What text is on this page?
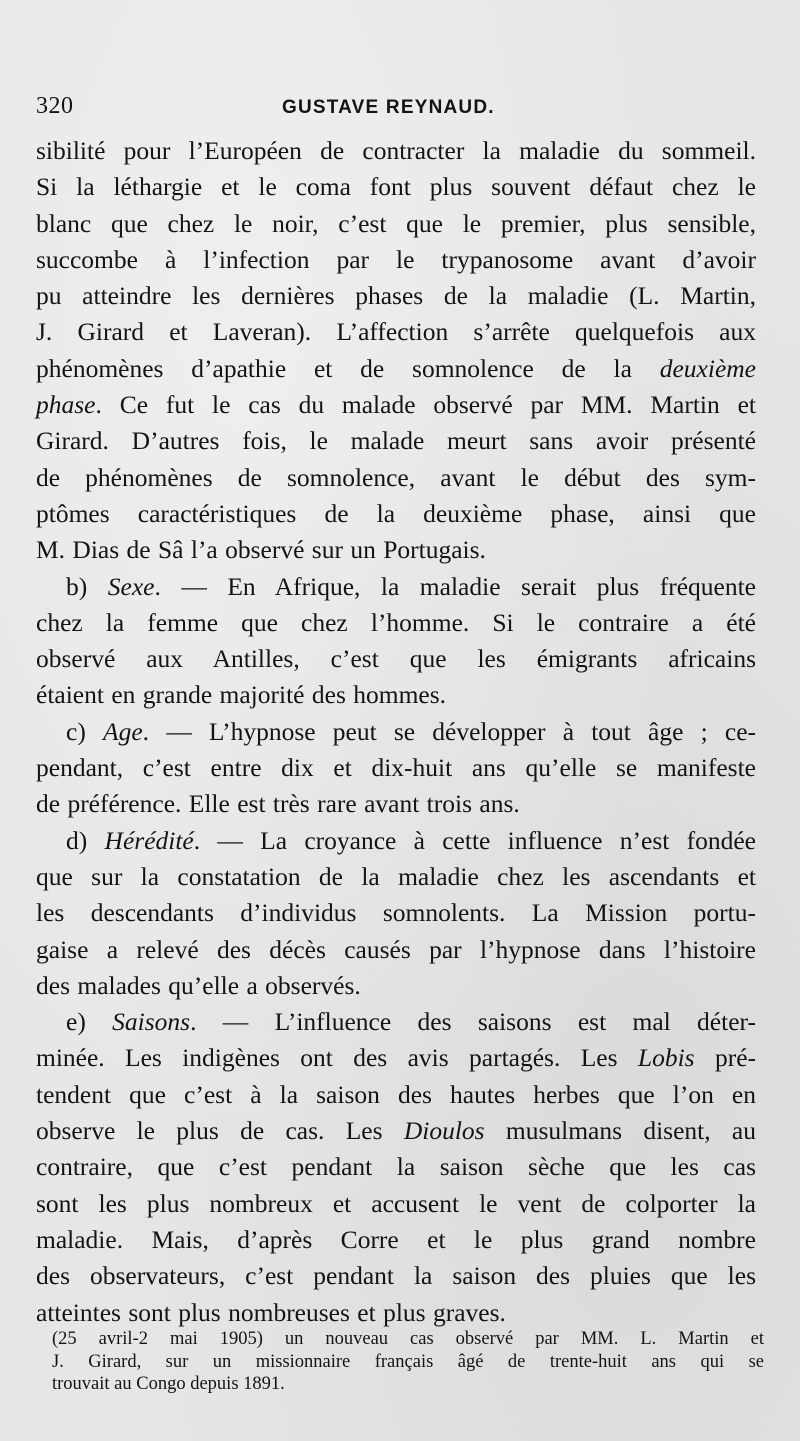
320	GUSTAVE REYNAUD.
sibilité pour l’Européen de contracter la maladie du sommeil.
Si la léthargie et le coma font plus souvent défaut chez le
blanc que chez le noir, c’est que le premier, plus sensible,
succombe à l’infection par le trypanosome avant d’avoir
pu atteindre les dernières phases de la maladie (L. Martin,
J. Girard et Laveran). L’affection s’arrête quelquefois aux
phénomènes d’apathie et de somnolence de la deuxième
phase. Ce fut le cas du malade observé par MM. Martin et
Girard. D’autres fois, le malade meurt sans avoir présenté
de phénomènes de somnolence, avant le début des sym-
ptômes caractéristiques de la deuxième phase, ainsi que
M. Dias de Sâ l’a observé sur un Portugais.
b) Sexe. — En Afrique, la maladie serait plus fréquente
chez la femme que chez l’homme. Si le contraire a été
observé aux Antilles, c’est que les émigrants africains
étaient en grande majorité des hommes.
c) Age. — L’hypnose peut se développer à tout âge ; ce-
pendant, c’est entre dix et dix-huit ans qu’elle se manifeste
de préférence. Elle est très rare avant trois ans.
d) Hérédité. — La croyance à cette influence n’est fondée
que sur la constatation de la maladie chez les ascendants et
les descendants d’individus somnolents. La Mission portu-
gaise a relevé des décès causés par l’hypnose dans l’histoire
des malades qu’elle a observés.
e) Saisons. — L’influence des saisons est mal déter-
minée. Les indigènes ont des avis partagés. Les Lobis pré-
tendent que c’est à la saison des hautes herbes que l’on en
observe le plus de cas. Les Dioulos musulmans disent, au
contraire, que c’est pendant la saison sèche que les cas
sont les plus nombreux et accusent le vent de colporter la
maladie. Mais, d’après Corre et le plus grand nombre
des observateurs, c’est pendant la saison des pluies que les
atteintes sont plus nombreuses et plus graves.
(25 avril-2 mai 1905) un nouveau cas observé par MM. L. Martin et
J. Girard, sur un missionnaire français âgé de trente-huit ans qui se
trouvait au Congo depuis 1891.
